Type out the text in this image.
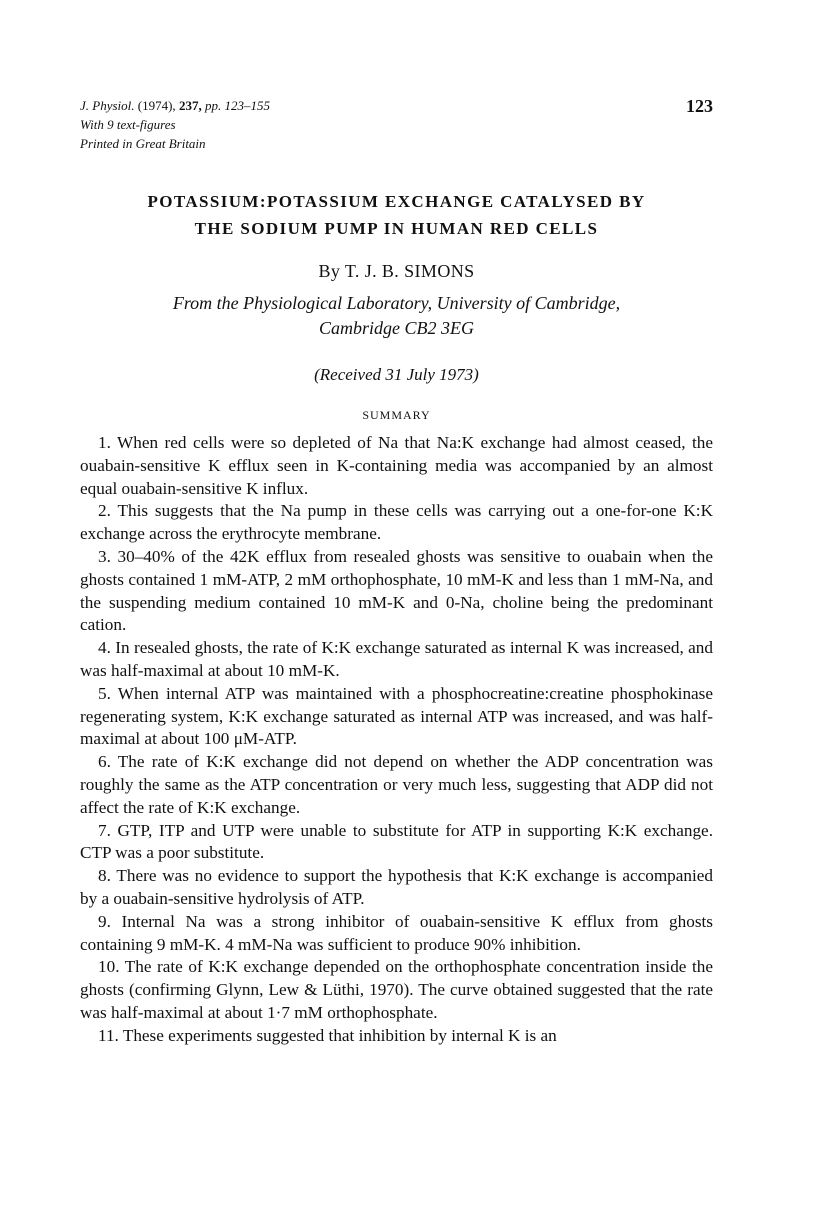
J. Physiol. (1974), 237, pp. 123–155
With 9 text-figures
Printed in Great Britain
123
POTASSIUM:POTASSIUM EXCHANGE CATALYSED BY
THE SODIUM PUMP IN HUMAN RED CELLS
By T. J. B. SIMONS
From the Physiological Laboratory, University of Cambridge,
Cambridge CB2 3EG
(Received 31 July 1973)
SUMMARY

1. When red cells were so depleted of Na that Na:K exchange had almost ceased, the ouabain-sensitive K efflux seen in K-containing media was accompanied by an almost equal ouabain-sensitive K influx.

2. This suggests that the Na pump in these cells was carrying out a one-for-one K:K exchange across the erythrocyte membrane.

3. 30–40% of the 42K efflux from resealed ghosts was sensitive to ouabain when the ghosts contained 1 mM-ATP, 2 mM orthophosphate, 10 mM-K and less than 1 mM-Na, and the suspending medium contained 10 mM-K and 0-Na, choline being the predominant cation.

4. In resealed ghosts, the rate of K:K exchange saturated as internal K was increased, and was half-maximal at about 10 mM-K.

5. When internal ATP was maintained with a phosphocreatine:creatine phosphokinase regenerating system, K:K exchange saturated as internal ATP was increased, and was half-maximal at about 100 μM-ATP.

6. The rate of K:K exchange did not depend on whether the ADP concentration was roughly the same as the ATP concentration or very much less, suggesting that ADP did not affect the rate of K:K exchange.

7. GTP, ITP and UTP were unable to substitute for ATP in supporting K:K exchange. CTP was a poor substitute.

8. There was no evidence to support the hypothesis that K:K exchange is accompanied by a ouabain-sensitive hydrolysis of ATP.

9. Internal Na was a strong inhibitor of ouabain-sensitive K efflux from ghosts containing 9 mM-K. 4 mM-Na was sufficient to produce 90% inhibition.

10. The rate of K:K exchange depended on the orthophosphate concentration inside the ghosts (confirming Glynn, Lew & Lüthi, 1970). The curve obtained suggested that the rate was half-maximal at about 1·7 mM orthophosphate.

11. These experiments suggested that inhibition by internal K is an
